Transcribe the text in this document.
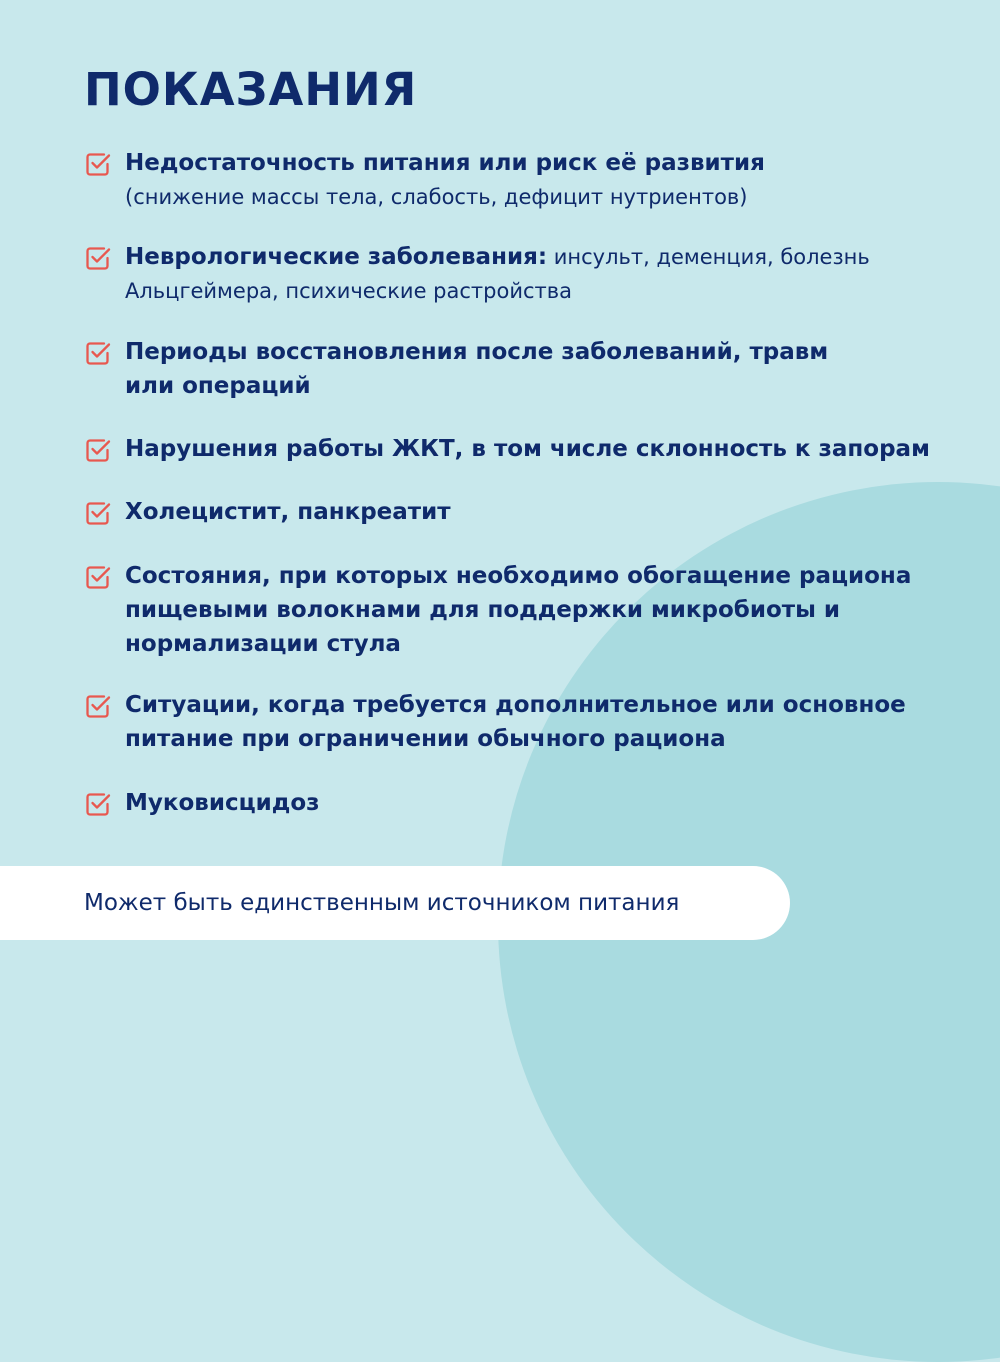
ПОКАЗАНИЯ
Недостаточность питания или риск её развития
(снижение массы тела, слабость, дефицит нутриентов)
Неврологические заболевания: инсульт, деменция, болезнь Альцгеймера, психические растройства
Периоды восстановления после заболеваний, травм или операций
Нарушения работы ЖКТ, в том числе склонность к запорам
Холецистит, панкреатит
Состояния, при которых необходимо обогащение рациона пищевыми волокнами для поддержки микробиоты и нормализации стула
Ситуации, когда требуется дополнительное или основное питание при ограничении обычного рациона
Муковисцидоз
Может быть единственным источником питания
